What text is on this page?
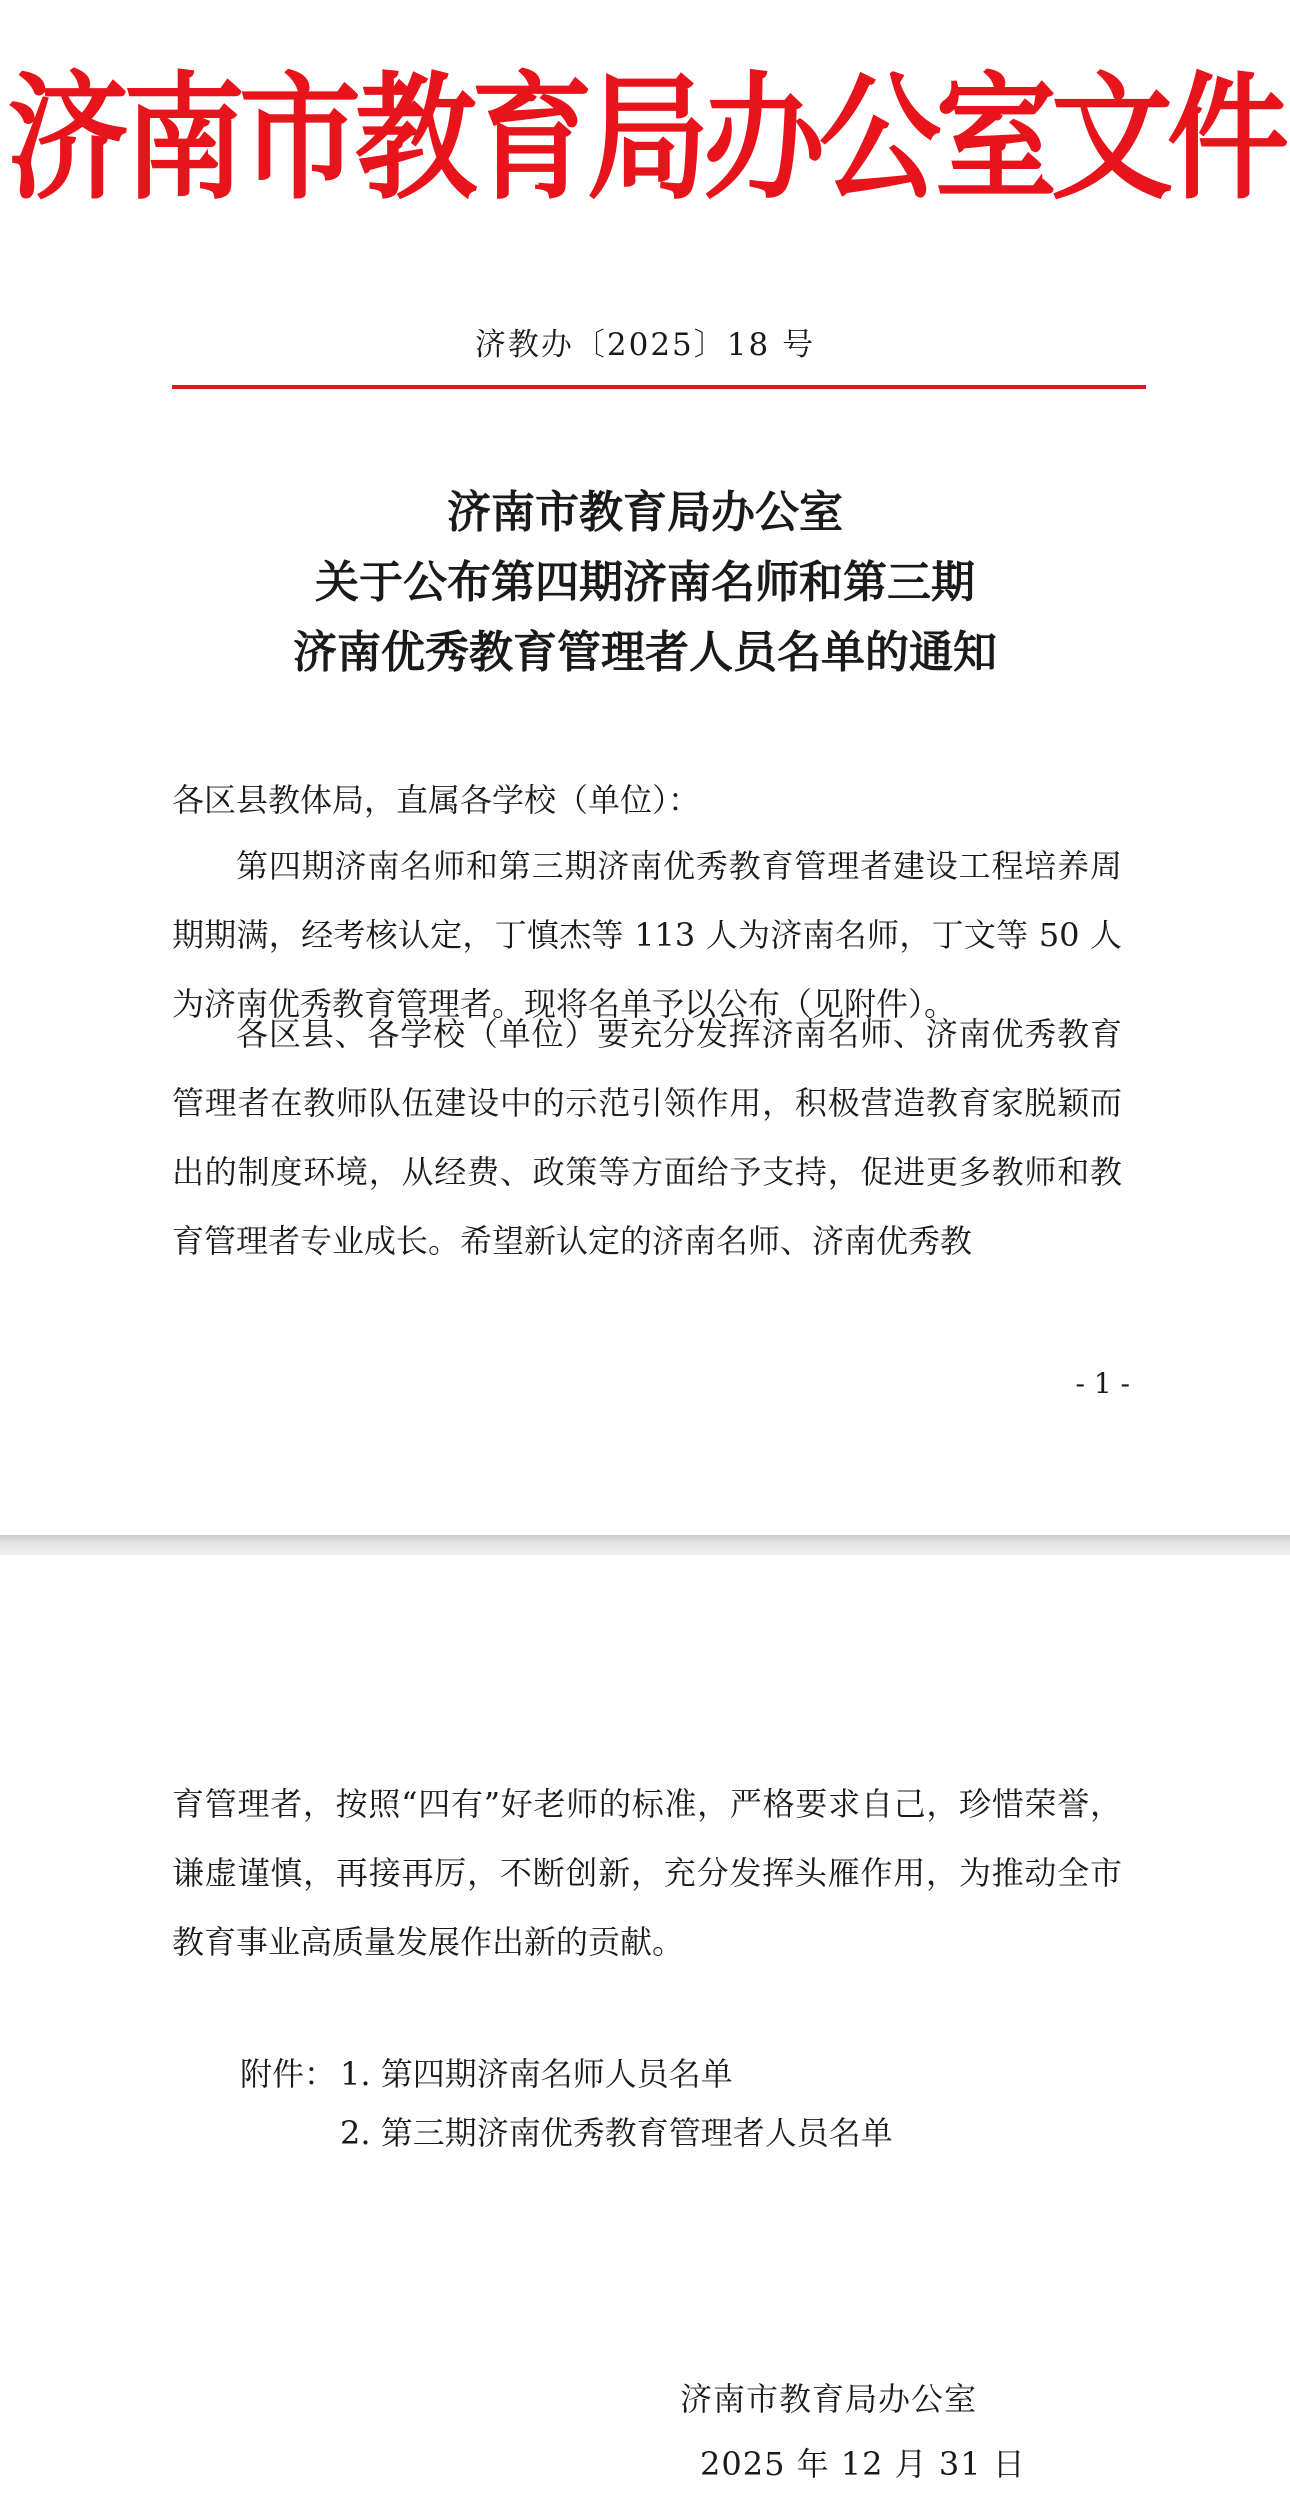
济南市教育局办公室文件
济教办〔2025〕18 号
济南市教育局办公室
关于公布第四期济南名师和第三期
济南优秀教育管理者人员名单的通知

各区县教体局，直属各学校（单位）：

第四期济南名师和第三期济南优秀教育管理者建设工程培养周期期满，经考核认定，丁慎杰等 113 人为济南名师，丁文等 50 人为济南优秀教育管理者。现将名单予以公布（见附件）。

各区县、各学校（单位）要充分发挥济南名师、济南优秀教育管理者在教师队伍建设中的示范引领作用，积极营造教育家脱颖而出的制度环境，从经费、政策等方面给予支持，促进更多教师和教育管理者专业成长。希望新认定的济南名师、济南优秀教

- 1 -

育管理者，按照“四有”好老师的标准，严格要求自己，珍惜荣誉，谦虚谨慎，再接再厉，不断创新，充分发挥头雁作用，为推动全市教育事业高质量发展作出新的贡献。

附件： 1. 第四期济南名师人员名单
2. 第三期济南优秀教育管理者人员名单
济南市教育局办公室
2025 年 12 月 31 日
